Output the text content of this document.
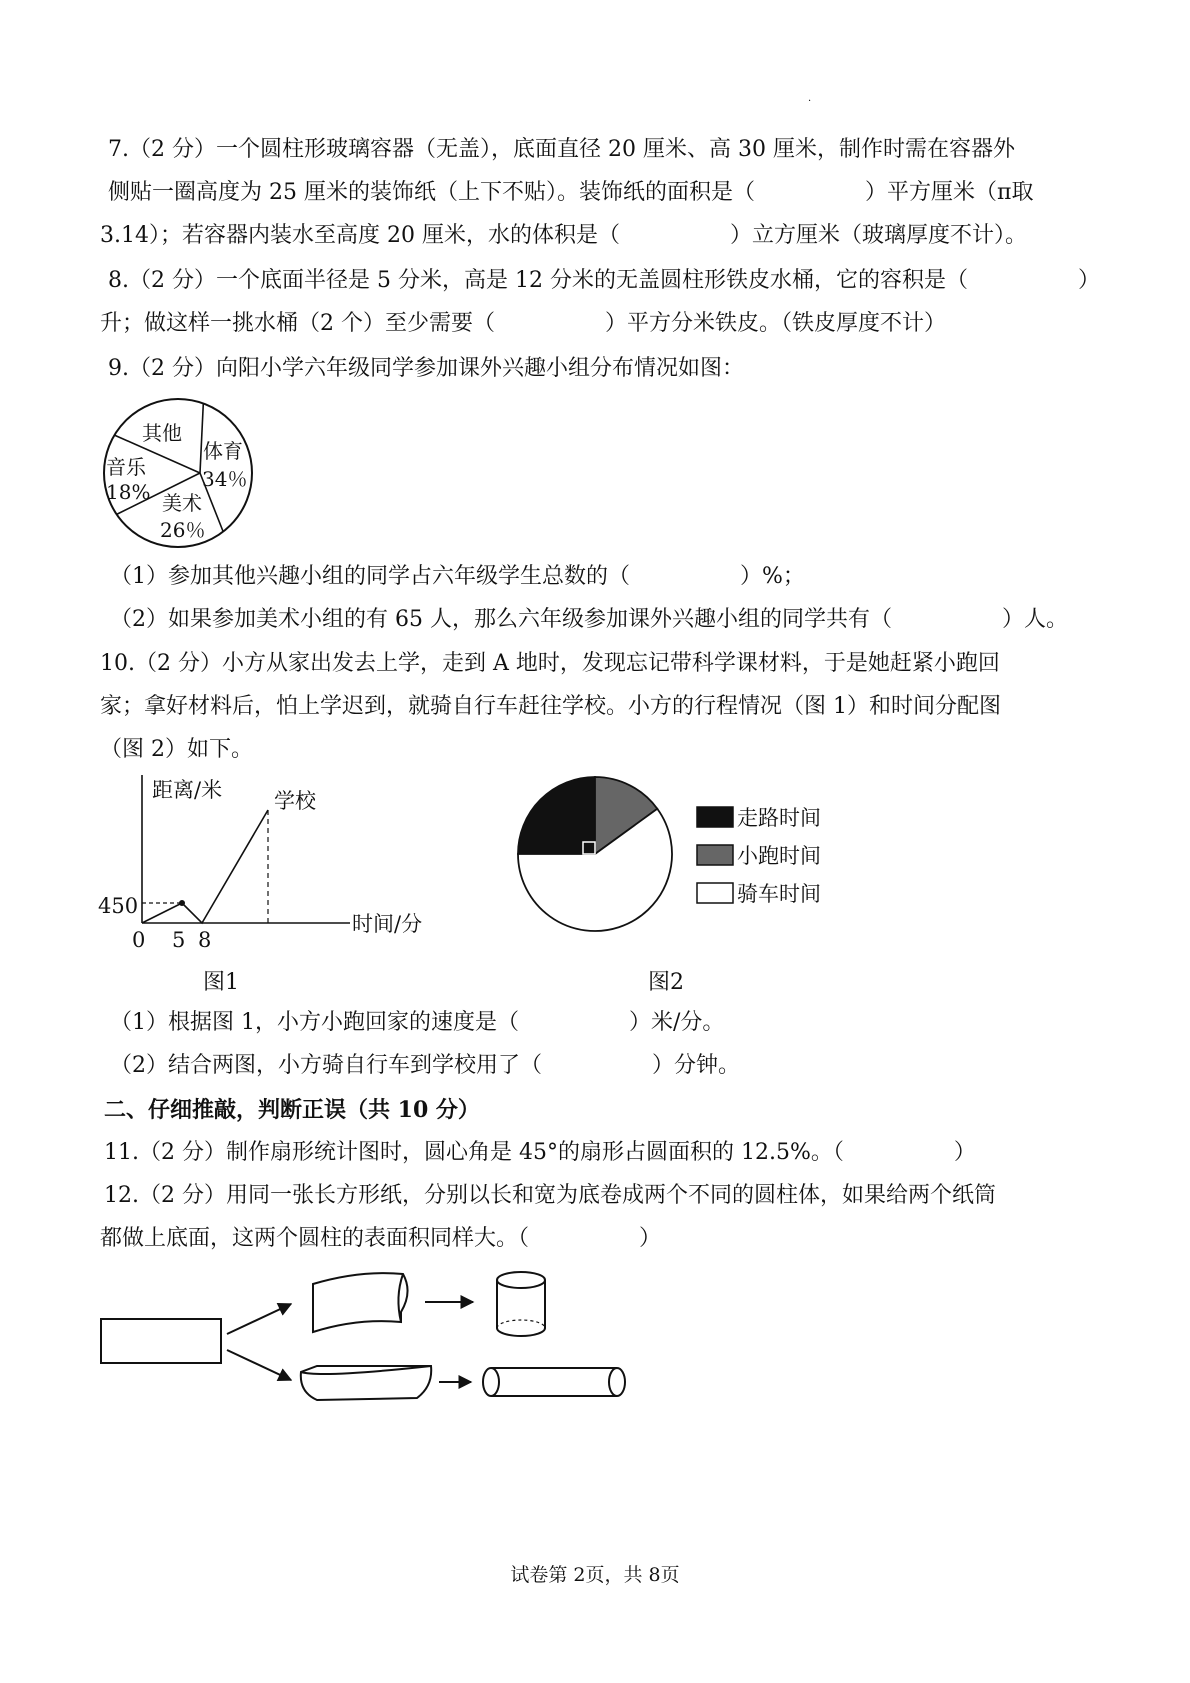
·
7.（2 分）一个圆柱形玻璃容器（无盖），底面直径 20 厘米、高 30 厘米，制作时需在容器外
侧贴一圈高度为 25 厘米的装饰纸（上下不贴）。装饰纸的面积是（　　　　　）平方厘米（π取
3.14）；若容器内装水至高度 20 厘米，水的体积是（　　　　　）立方厘米（玻璃厚度不计）。
8.（2 分）一个底面半径是 5 分米，高是 12 分米的无盖圆柱形铁皮水桶，它的容积是（　　　　　）
升；做这样一挑水桶（2 个）至少需要（　　　　　）平方分米铁皮。（铁皮厚度不计）
9.（2 分）向阳小学六年级同学参加课外兴趣小组分布情况如图：
其他
体育
34％
音乐
18% 美术
26％
（1）参加其他兴趣小组的同学占六年级学生总数的（　　　　　）%；
（2）如果参加美术小组的有 65 人，那么六年级参加课外兴趣小组的同学共有（　　　　　）人。
10.（2 分）小方从家出发去上学，走到 A 地时，发现忘记带科学课材料，于是她赶紧小跑回
家；拿好材料后，怕上学迟到，就骑自行车赶往学校。小方的行程情况（图 1）和时间分配图
（图 2）如下。
距离/米 学校
450
0 5 8
时间/分
图1
走路时间
小跑时间
骑车时间
图2
（1）根据图 1，小方小跑回家的速度是（　　　　　）米/分。
（2）结合两图，小方骑自行车到学校用了（　　　　　）分钟。
二、仔细推敲，判断正误（共 10 分）
11.（2 分）制作扇形统计图时，圆心角是 45°的扇形占圆面积的 12.5%。（　　　　　）
12.（2 分）用同一张长方形纸，分别以长和宽为底卷成两个不同的圆柱体，如果给两个纸筒
都做上底面，这两个圆柱的表面积同样大。（　　　　　）
试卷第 2页，共 8页
